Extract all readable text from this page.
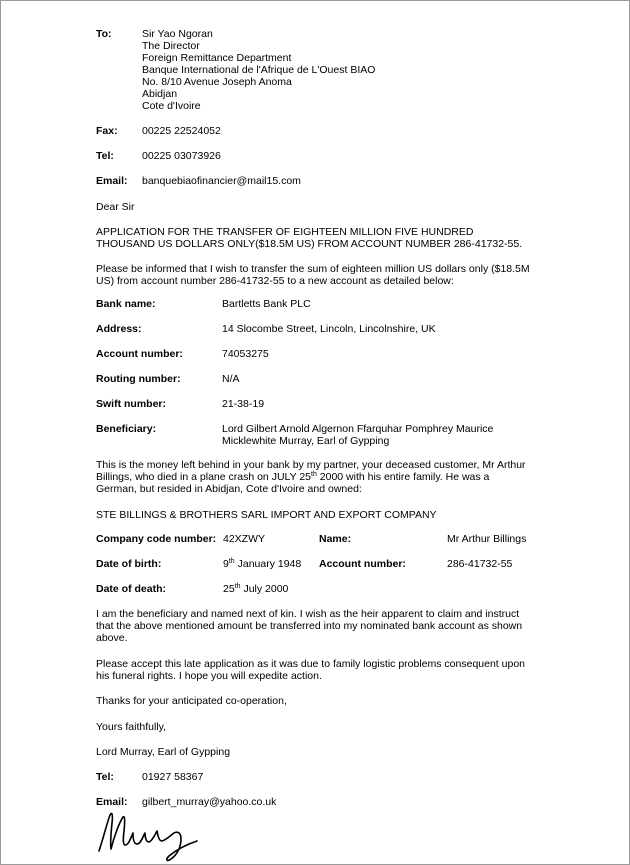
To:	Sir Yao Ngoran
The Director
Foreign Remittance Department
Banque International de l'Afrique de L'Ouest BIAO
No. 8/10 Avenue Joseph Anoma
Abidjan
Cote d'Ivoire
Fax: 00225 22524052
Tel:	00225 03073926
Email: banquebiaofinancier@mail15.com
Dear Sir
APPLICATION FOR THE TRANSFER OF EIGHTEEN MILLION FIVE HUNDRED
THOUSAND US DOLLARS ONLY($18.5M US) FROM ACCOUNT NUMBER 286-41732-55.
Please be informed that I wish to transfer the sum of eighteen million US dollars only ($18.5M
US) from account number 286-41732-55 to a new account as detailed below:
Bank name:	Bartletts Bank PLC
Address:	14 Slocombe Street, Lincoln, Lincolnshire, UK
Account number:	74053275
Routing number:	N/A
Swift number:	21-38-19
Beneficiary:	Lord Gilbert Arnold Algernon Ffarquhar Pomphrey Maurice
Micklewhite Murray, Earl of Gypping
This is the money left behind in your bank by my partner, your deceased customer, Mr Arthur
Billings, who died in a plane crash on JULY 25th 2000 with his entire family. He was a
German, but resided in Abidjan, Cote d'Ivoire and owned:
STE BILLINGS & BROTHERS SARL IMPORT AND EXPORT COMPANY
Company code number: 42XZWY	Name:	Mr Arthur Billings
Date of birth:	9th January 1948 Account number:	286-41732-55
Date of death:	25th July 2000
I am the beneficiary and named next of kin. I wish as the heir apparent to claim and instruct
that the above mentioned amount be transferred into my nominated bank account as shown
above.
Please accept this late application as it was due to family logistic problems consequent upon
his funeral rights. I hope you will expedite action.
Thanks for your anticipated co-operation,
Yours faithfully,
Lord Murray, Earl of Gypping
Tel:	01927 58367
Email: gilbert_murray@yahoo.co.uk
